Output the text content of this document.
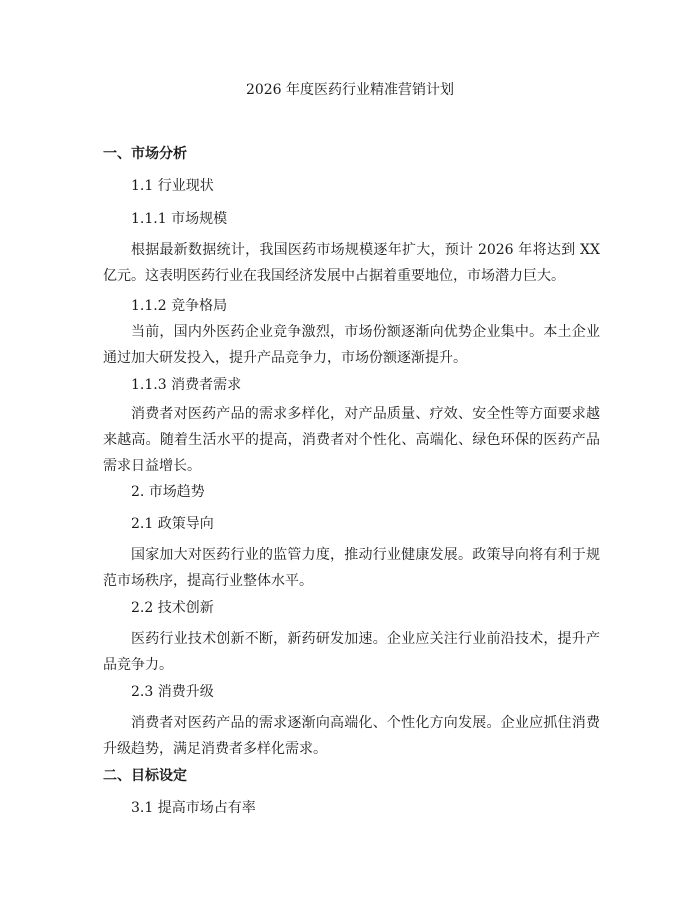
2026 年度医药行业精准营销计划
一、市场分析

1.1 行业现状

1.1.1 市场规模

根据最新数据统计，我国医药市场规模逐年扩大，预计 2026 年将达到 XX 亿元。这表明医药行业在我国经济发展中占据着重要地位，市场潜力巨大。

1.1.2 竞争格局

当前，国内外医药企业竞争激烈，市场份额逐渐向优势企业集中。本土企业通过加大研发投入，提升产品竞争力，市场份额逐渐提升。

1.1.3 消费者需求

消费者对医药产品的需求多样化，对产品质量、疗效、安全性等方面要求越来越高。随着生活水平的提高，消费者对个性化、高端化、绿色环保的医药产品需求日益增长。

2. 市场趋势

2.1 政策导向

国家加大对医药行业的监管力度，推动行业健康发展。政策导向将有利于规范市场秩序，提高行业整体水平。

2.2 技术创新

医药行业技术创新不断，新药研发加速。企业应关注行业前沿技术，提升产品竞争力。

2.3 消费升级

消费者对医药产品的需求逐渐向高端化、个性化方向发展。企业应抓住消费升级趋势，满足消费者多样化需求。

二、目标设定

3.1 提高市场占有率
